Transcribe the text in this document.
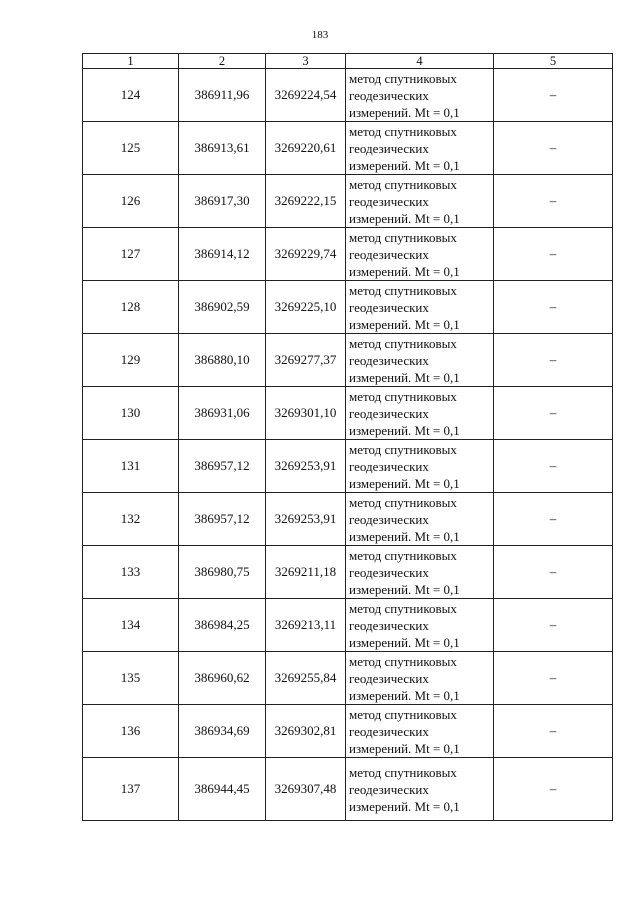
183
1	2	3	4	5
124	386911,96	3269224,54	метод спутниковых
геодезических
измерений. Mt = 0,1	–
125	386913,61	3269220,61	метод спутниковых
геодезических
измерений. Mt = 0,1	–
126	386917,30	3269222,15	метод спутниковых
геодезических
измерений. Mt = 0,1	–
127	386914,12	3269229,74	метод спутниковых
геодезических
измерений. Mt = 0,1	–
128	386902,59	3269225,10	метод спутниковых
геодезических
измерений. Mt = 0,1	–
129	386880,10	3269277,37	метод спутниковых
геодезических
измерений. Mt = 0,1	–
130	386931,06	3269301,10	метод спутниковых
геодезических
измерений. Mt = 0,1	–
131	386957,12	3269253,91	метод спутниковых
геодезических
измерений. Mt = 0,1	–
132	386957,12	3269253,91	метод спутниковых
геодезических
измерений. Mt = 0,1	–
133	386980,75	3269211,18	метод спутниковых
геодезических
измерений. Mt = 0,1	–
134	386984,25	3269213,11	метод спутниковых
геодезических
измерений. Mt = 0,1	–
135	386960,62	3269255,84	метод спутниковых
геодезических
измерений. Mt = 0,1	–
136	386934,69	3269302,81	метод спутниковых
геодезических
измерений. Mt = 0,1	–
137	386944,45	3269307,48	метод спутниковых
геодезических
измерений. Mt = 0,1	–
